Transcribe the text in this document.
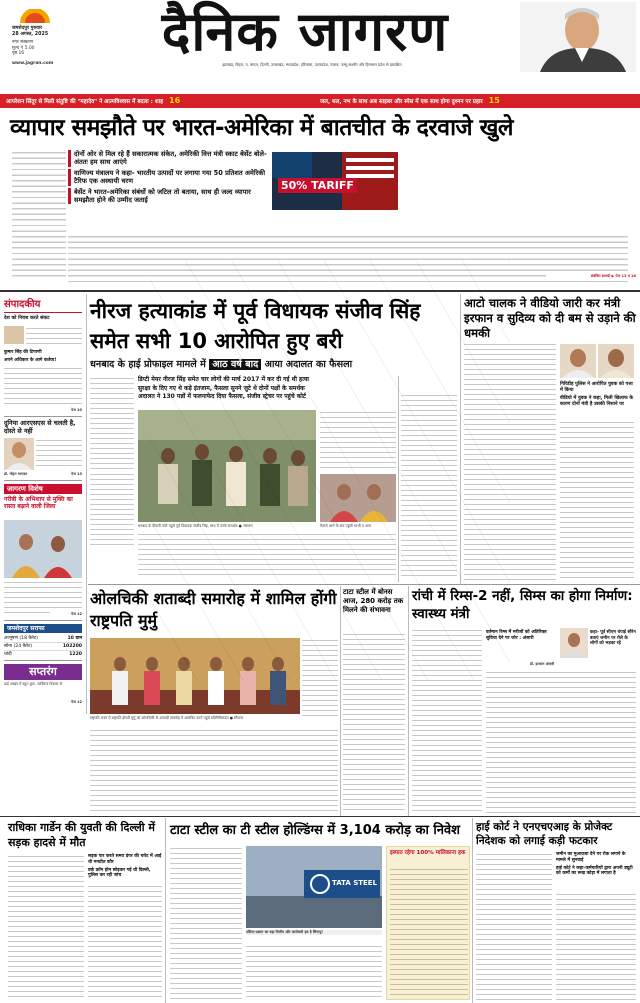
जमशेदपुर गुरुवार
28 अगस्त, 2025
नगर संस्करण
मूल्य ₹ 5.00
पृष्ठ 16
www.jagran.com
दैनिक जागरण
झारखंड, बिहार, प. बंगाल, दिल्ली, उत्तराखंड, मध्यप्रदेश, हरियाणा, उत्तरप्रदेश, पंजाब, जम्मू-कश्मीर और हिमाचल प्रदेश से प्रकाशित
आपरेशन सिंदूर से मिली संतुष्टि की "महादेव" ने आत्मविश्वास में बदला : शाह 16	जल, थल, नभ के साथ अब साइबर और स्पेस में एक साथ होगा दुश्मन पर प्रहार 15
व्यापार समझौते पर भारत-अमेरिका में बातचीत के दरवाजे खुले
दोनों ओर से मिल रहे हैं सकारात्मक संकेत, अमेरिकी वित्त मंत्री स्काट बेसेंट बोले- अंततः हम साथ आएंगे
वाणिज्य मंत्रालय ने कहा- भारतीय उत्पादों पर लगाया गया 50 प्रतिशत अमेरिकी टैरिफ एक अस्थायी चरण
बेसेंट ने भारत-अमेरिका संबंधों को जटिल तो बताया, साथ ही जल्द व्यापार समझौता होने की उम्मीद जताई
50% TARIFF
संबंधित सामग्री ▶ पेज 13 व 16
संपादकीय
देश को निराश करते संकट
कुमार सिंह की टिप्पणी
अपने अधिकार के आगे कर्तव्य!
पेज 10
दुनिया आरएसएस से चलती है, दोस्ते से नहीं
डॉ. मोहन भागवत	पेज 13
जागरण विशेष
गरीबी के अभिशाप से मुक्ति का रास्ता बढ़ाने वाली जिला
पेज 12
जमशेदपुर सराफा
आभूषण (18 कैरेट)	10 ग्राम
सोना (24 कैरेट)	102200
चांदी	1220
सप्तरंग
ढाई आखर में बहुत कुछ, व्यक्तित्व विकास से
पेज 12
नीरज हत्याकांड में पूर्व विधायक संजीव सिंह समेत सभी 10 आरोपित हुए बरी
धनबाद के हाई प्रोफाइल मामले में आठ वर्ष बाद आया अदालत का फैसला
डिप्टी मेयर नीरज सिंह समेत चार लोगों की मार्च 2017 में कर दी गई थी हत्या
सुरक्षा के दिए गए थे कड़े इंतजाम, फैसला सुनने जुटे थे दोनों पक्षों के समर्थक
अदालत ने 130 पन्नों में फलनाफेद दिया फैसला, संजीव स्ट्रेचर पर पहुंचे कोर्ट
धनबाद के दीवानी कोर्ट पहुंचे पूर्व विधायक संजीव सिंह, साथ में उनके समर्थक ● जागरण	फैसले आने के बाद पहुंची भाभी व अन्य
आटो चालक ने वीडियो जारी कर मंत्री इरफान व सुदिव्य को दी बम से उड़ाने की धमकी
गिरिडीह पुलिस ने आरोपित युवक को पत्ता में किया
वीडियो में युवक ने कहा, मिली खिलाफ के कारण दोनों मंत्री है उसकी निशाने पर
ओलचिकी शताब्दी समारोह में शामिल होंगी राष्ट्रपति मुर्मु
राष्ट्रपति भवन में राष्ट्रपति द्रौपदी मुर्मु को ओलचिकी के शताब्दी समारोह में आमंत्रित करने पहुंचे प्रतिनिधिमंडल ● सौजन्य
टाटा स्टील में बोनस आज, 280 करोड़ तक मिलने की संभावना
रांची में रिम्स-2 नहीं, सिम्स का होगा निर्माण: स्वास्थ्य मंत्री
वर्तमान रिम्स में मरीजों को अतिरिक्त सुविधा देने पर जोर : अंसारी
कहा- पूर्व सीएम चंपाई सोरेन बताएं जमीन पर रोले के लोगों को भड़का रहे
डॉ. इरफान अंसारी
राधिका गार्डेन की युवती की दिल्ली में सड़क हादसे में मौत
सड़क पार करते समय डंपर की चपेट में आई थी मनप्रीत कौर
वर्क फ्रॉम होम छोड़कर गई थी दिल्ली, पुलिस कर रही जांच
टाटा स्टील का टी स्टील होल्डिंग्स में 3,104 करोड़ का निवेश
TATA STEEL
एशिया-प्रशांत का बड़ा वित्तीय और कारोबारी हब है सिंगापुर
इस्पात रहेगा 100% मालिकाना हक
हाई कोर्ट ने एनएचएआइ के प्रोजेक्ट निदेशक को लगाई कड़ी फटकार
जमीन का मुआवजा देने पर रोक लगाने के मामले में सुनवाई
हाई कोर्ट ने कहा-कर्मचारियों द्वारा अपनी ड्यूटी को कर्मों का रूख कोड़ा में लगाता है
